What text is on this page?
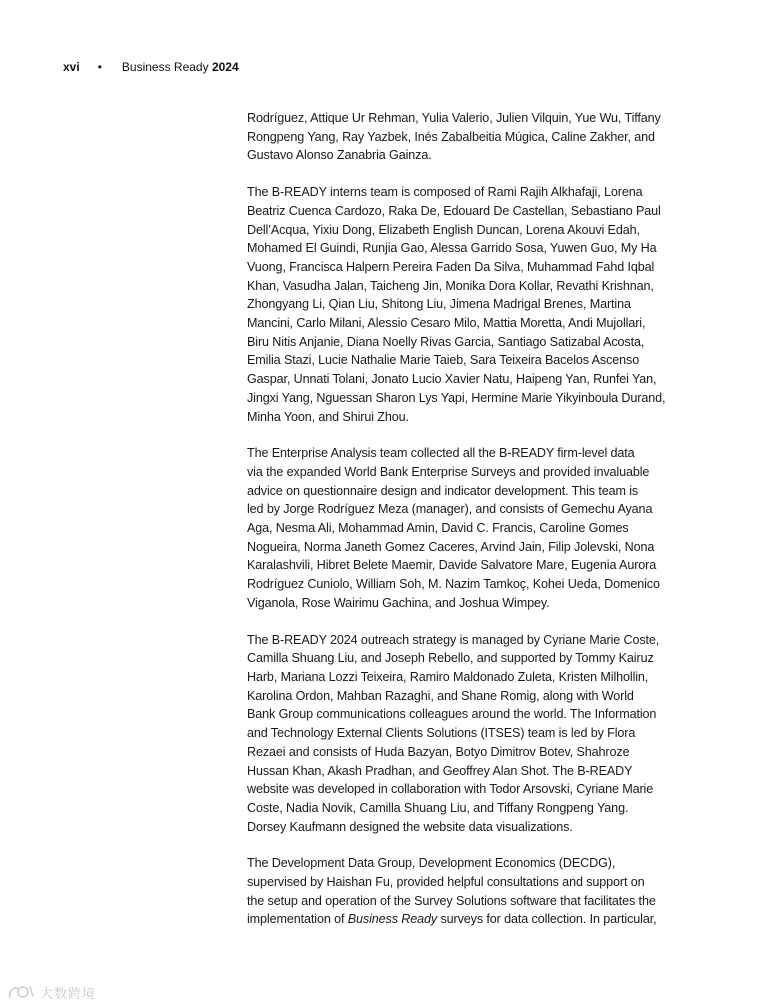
xvi • Business Ready 2024

Rodríguez, Attique Ur Rehman, Yulia Valerio, Julien Vilquin, Yue Wu, Tiffany
Rongpeng Yang, Ray Yazbek, Inés Zabalbeitia Múgica, Caline Zakher, and
Gustavo Alonso Zanabria Gainza.

The B-READY interns team is composed of Rami Rajih Alkhafaji, Lorena
Beatriz Cuenca Cardozo, Raka De, Edouard De Castellan, Sebastiano Paul
Dell’Acqua, Yixiu Dong, Elizabeth English Duncan, Lorena Akouvi Edah,
Mohamed El Guindi, Runjia Gao, Alessa Garrido Sosa, Yuwen Guo, My Ha
Vuong, Francisca Halpern Pereira Faden Da Silva, Muhammad Fahd Iqbal
Khan, Vasudha Jalan, Taicheng Jin, Monika Dora Kollar, Revathi Krishnan,
Zhongyang Li, Qian Liu, Shitong Liu, Jimena Madrigal Brenes, Martina
Mancini, Carlo Milani, Alessio Cesaro Milo, Mattia Moretta, Andi Mujollari,
Biru Nitis Anjanie, Diana Noelly Rivas Garcia, Santiago Satizabal Acosta,
Emilia Stazi, Lucie Nathalie Marie Taieb, Sara Teixeira Bacelos Ascenso
Gaspar, Unnati Tolani, Jonato Lucio Xavier Natu, Haipeng Yan, Runfei Yan,
Jingxi Yang, Nguessan Sharon Lys Yapi, Hermine Marie Yikyinboula Durand,
Minha Yoon, and Shirui Zhou.

The Enterprise Analysis team collected all the B-READY firm-level data
via the expanded World Bank Enterprise Surveys and provided invaluable
advice on questionnaire design and indicator development. This team is
led by Jorge Rodríguez Meza (manager), and consists of Gemechu Ayana
Aga, Nesma Ali, Mohammad Amin, David C. Francis, Caroline Gomes
Nogueira, Norma Janeth Gomez Caceres, Arvind Jain, Filip Jolevski, Nona
Karalashvili, Hibret Belete Maemir, Davide Salvatore Mare, Eugenia Aurora
Rodríguez Cuniolo, William Soh, M. Nazim Tamkoç, Kohei Ueda, Domenico
Viganola, Rose Wairimu Gachina, and Joshua Wimpey.

The B-READY 2024 outreach strategy is managed by Cyriane Marie Coste,
Camilla Shuang Liu, and Joseph Rebello, and supported by Tommy Kairuz
Harb, Mariana Lozzi Teixeira, Ramiro Maldonado Zuleta, Kristen Milhollin,
Karolina Ordon, Mahban Razaghi, and Shane Romig, along with World
Bank Group communications colleagues around the world. The Information
and Technology External Clients Solutions (ITSES) team is led by Flora
Rezaei and consists of Huda Bazyan, Botyo Dimitrov Botev, Shahroze
Hussan Khan, Akash Pradhan, and Geoffrey Alan Shot. The B-READY
website was developed in collaboration with Todor Arsovski, Cyriane Marie
Coste, Nadia Novik, Camilla Shuang Liu, and Tiffany Rongpeng Yang.
Dorsey Kaufmann designed the website data visualizations.

The Development Data Group, Development Economics (DECDG),
supervised by Haishan Fu, provided helpful consultations and support on
the setup and operation of the Survey Solutions software that facilitates the
implementation of Business Ready surveys for data collection. In particular,

大数跨境
